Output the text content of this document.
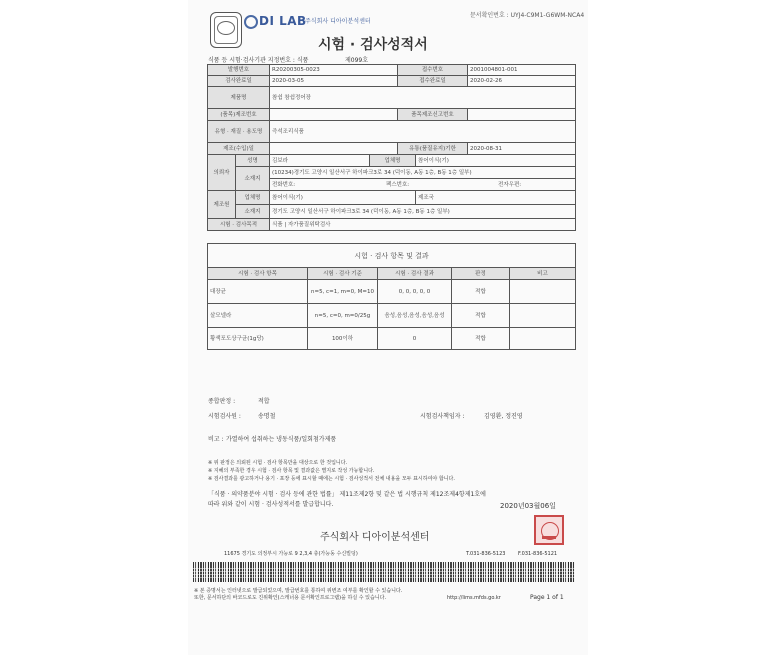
문서확인번호 : UYJ4-C9M1-G6WM-NCA4
DI LAB
주식회사 디아이분석센터
시험 · 검사성적서
식품 등 시험·검사기관 지정번호 : 식품	제099호
발행번호	R20200305-0023	접수번호	2001004801-001
검사완료일	2020-03-05	접수완료일	2020-02-26
제품명	참쉼 참쉼정어장		
(품목)제조번호		품목제조신고번호	
유형 · 재질 · 용도명	즉석조리식품		
제조(수입)일		유통(품질유지)기한	2020-08-31
의뢰자	성명	김보라	업체명	참어이식(기)
	소재지	(10234)경기도 고양시 일산서구 하이파크3로 34 (덕이동, A동 1층, B동 1층 일부)		

		전화번호: 팩스번호: 전자우편:		

제조원	업체명	참어이식(기)		제조국

	소재지	경기도 고양시 일산서구 하이파크3로 34 (덕이동, A동 1층, B동 1층 일부)		
시험 · 검사목적		식품 | 자가품질위탁검사		
시험 · 검사 항목 및 결과				
시험 · 검사 항목	시험 · 검사 기준	시험 · 검사 결과	판정	비고
대장균	n=5, c=1, m=0, M=10	0, 0, 0, 0, 0	적합	
살모넬라	n=5, c=0, m=0/25g	음성,음성,음성,음성,음성	적합	
황색포도상구균(1g당)	100이하	0	적합	
종합판정 :	적합
시험검사원 :	송명철	시험검사책임자 :	김영환, 정진영
비고 : 가열하여 섭취하는 냉동식품/일회첨가제품
※ 위 판정은 의뢰된 시험 · 검사 항목만을 대상으로 한 것입니다.
※ 지혜의 부족한 경우 시험 · 검사 항목 및 결과값은 별지로 작성 가능합니다.
※ 검사결과를 광고하거나 용기 · 포장 등에 표시할 때에는 시험 · 검사성적서 전체 내용을 모두 표시하여야 합니다.
「식품 · 의약품분야 시험 · 검사 등에 관한 법률」 제11조제2항 및 같은 법 시행규칙 제12조제4항제1호에
따라 위와 같이 시험 · 검사성적서를 발급합니다.	2020년03월06일
주식회사 디아이분석센터
11675 경기도 의정부시 가능로 9 2,3,4 층(가능동 수신빌딩)	T.031-836-5123	F.031-836-5121
※ 본 증명서는 인터넷으로 발급되었으며, 발급번호를 통하여 위변조 여부를 확인할 수 있습니다.
또한, 문서하단의 바코드로도 진위확인(스캐너용 문서확인프로그램)을 하실 수 있습니다.	http://lims.mfds.go.kr	Page 1 of 1
